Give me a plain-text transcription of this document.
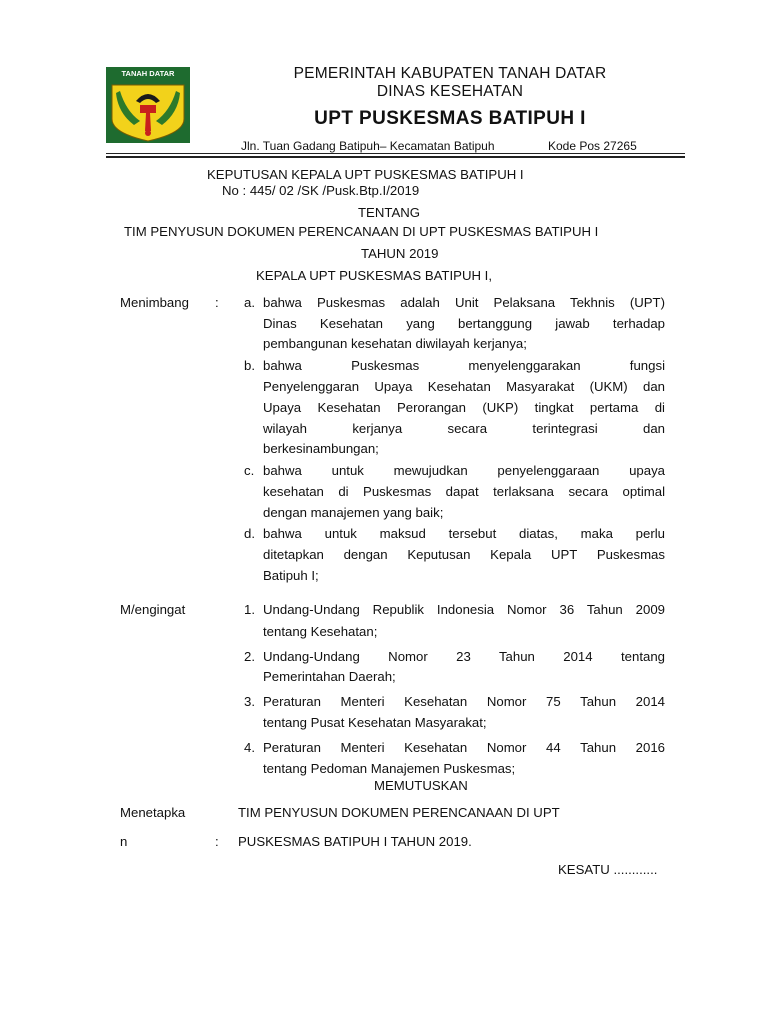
TANAH DATAR	PEMERINTAH KABUPATEN TANAH DATAR
DINAS KESEHATAN
UPT PUSKESMAS BATIPUH I
Jln. Tuan Gadang Batipuh– Kecamatan Batipuh	Kode Pos 27265
KEPUTUSAN KEPALA UPT PUSKESMAS BATIPUH I
No : 445/ 02 /SK /Pusk.Btp.I/2019
TENTANG
TIM PENYUSUN DOKUMEN PERENCANAAN DI UPT PUSKESMAS BATIPUH I
TAHUN 2019
KEPALA UPT PUSKESMAS BATIPUH I,
Menimbang : a. bahwa Puskesmas adalah Unit Pelaksana Tekhnis (UPT)
Dinas Kesehatan yang bertanggung jawab terhadap
pembangunan kesehatan diwilayah kerjanya;
b. bahwa Puskesmas menyelenggarakan fungsi
Penyelenggaran Upaya Kesehatan Masyarakat (UKM) dan
Upaya Kesehatan Perorangan (UKP) tingkat pertama di
wilayah kerjanya secara terintegrasi dan
berkesinambungan;
c. bahwa untuk mewujudkan penyelenggaraan upaya
kesehatan di Puskesmas dapat terlaksana secara optimal
dengan manajemen yang baik;
d. bahwa untuk maksud tersebut diatas, maka perlu
ditetapkan dengan Keputusan Kepala UPT Puskesmas
Batipuh I;
M/engingat	1. Undang-Undang Republik Indonesia Nomor 36 Tahun 2009
tentang Kesehatan;
2. Undang-Undang Nomor 23 Tahun 2014 tentang
Pemerintahan Daerah;
3. Peraturan Menteri Kesehatan Nomor 75 Tahun 2014
tentang Pusat Kesehatan Masyarakat;
4. Peraturan Menteri Kesehatan Nomor 44 Tahun 2016
tentang Pedoman Manajemen Puskesmas;
MEMUTUSKAN
Menetapka	TIM PENYUSUN DOKUMEN PERENCANAAN DI UPT
n	: PUSKESMAS BATIPUH I TAHUN 2019.
KESATU ............
